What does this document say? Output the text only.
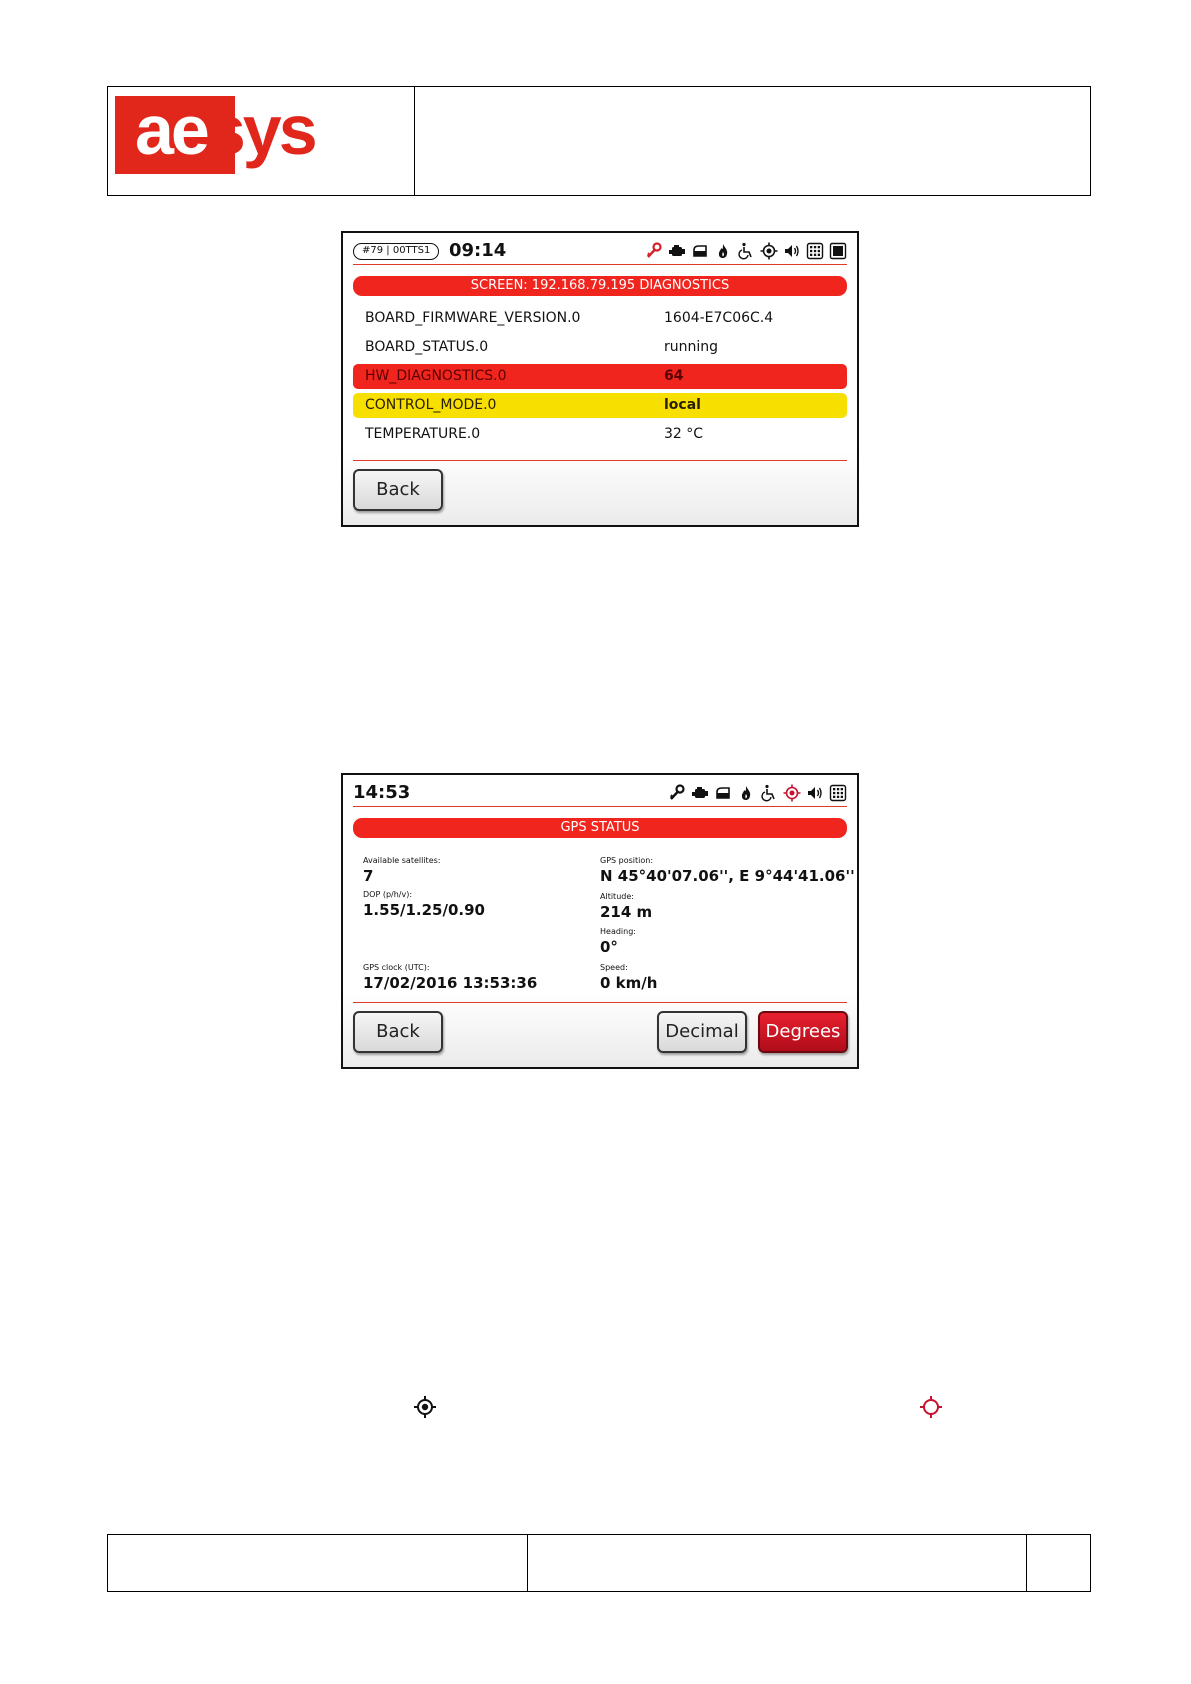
aesys
#79 | 00TTS1	09:14
SCREEN: 192.168.79.195 DIAGNOSTICS
BOARD_FIRMWARE_VERSION.0	1604-E7C06C.4
BOARD_STATUS.0	running
HW_DIAGNOSTICS.0	64
CONTROL_MODE.0	local
TEMPERATURE.0	32 °C
Back
14:53
GPS STATUS
Available satellites:
7
DOP (p/h/v):
1.55/1.25/0.90
GPS clock (UTC):
17/02/2016 13:53:36
GPS position:
N 45°40'07.06'', E 9°44'41.06''
Altitude:
214 m
Heading:
0°
Speed:
0 km/h
Back	Decimal	Degrees
